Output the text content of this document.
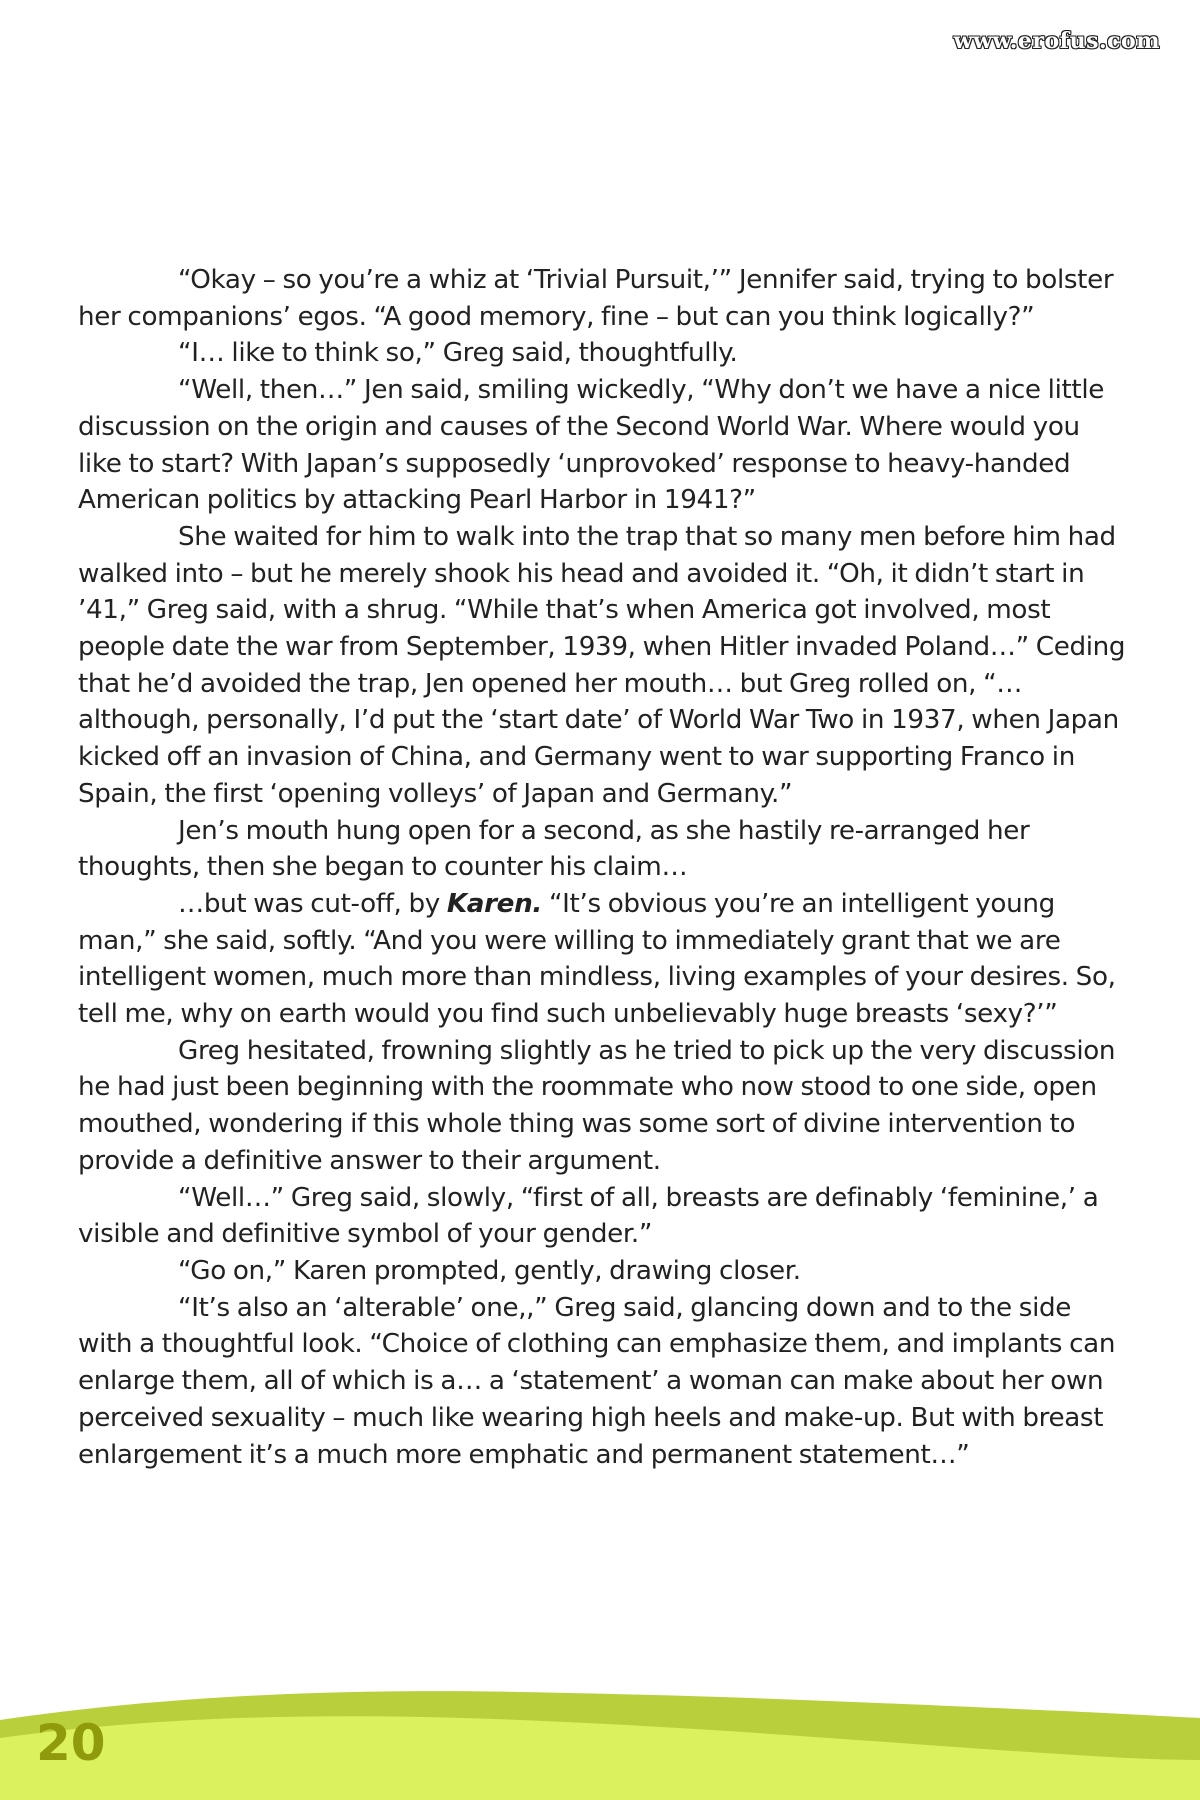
www.erofus.com

“Okay – so you’re a whiz at ‘Trivial Pursuit,’” Jennifer said, trying to bolster her companions’ egos. “A good memory, fine – but can you think logically?”

“I… like to think so,” Greg said, thoughtfully.

“Well, then…” Jen said, smiling wickedly, “Why don’t we have a nice little discussion on the origin and causes of the Second World War. Where would you like to start? With Japan’s supposedly ‘unprovoked’ response to heavy-handed American politics by attacking Pearl Harbor in 1941?”

She waited for him to walk into the trap that so many men before him had walked into – but he merely shook his head and avoided it. “Oh, it didn’t start in ’41,” Greg said, with a shrug. “While that’s when America got involved, most people date the war from September, 1939, when Hitler invaded Poland…” Ceding that he’d avoided the trap, Jen opened her mouth… but Greg rolled on, “…although, personally, I’d put the ‘start date’ of World War Two in 1937, when Japan kicked off an invasion of China, and Germany went to war supporting Franco in Spain, the first ‘opening volleys’ of Japan and Germany.”

Jen’s mouth hung open for a second, as she hastily re-arranged her thoughts, then she began to counter his claim…

…but was cut-off, by Karen. “It’s obvious you’re an intelligent young man,” she said, softly. “And you were willing to immediately grant that we are intelligent women, much more than mindless, living examples of your desires. So, tell me, why on earth would you find such unbelievably huge breasts ‘sexy?’”

Greg hesitated, frowning slightly as he tried to pick up the very discussion he had just been beginning with the roommate who now stood to one side, open mouthed, wondering if this whole thing was some sort of divine intervention to provide a definitive answer to their argument.

“Well…” Greg said, slowly, “first of all, breasts are definably ‘feminine,’ a visible and definitive symbol of your gender.”

“Go on,” Karen prompted, gently, drawing closer.

“It’s also an ‘alterable’ one,,” Greg said, glancing down and to the side with a thoughtful look. “Choice of clothing can emphasize them, and implants can enlarge them, all of which is a… a ‘statement’ a woman can make about her own perceived sexuality – much like wearing high heels and make-up. But with breast enlargement it’s a much more emphatic and permanent statement…”

20
